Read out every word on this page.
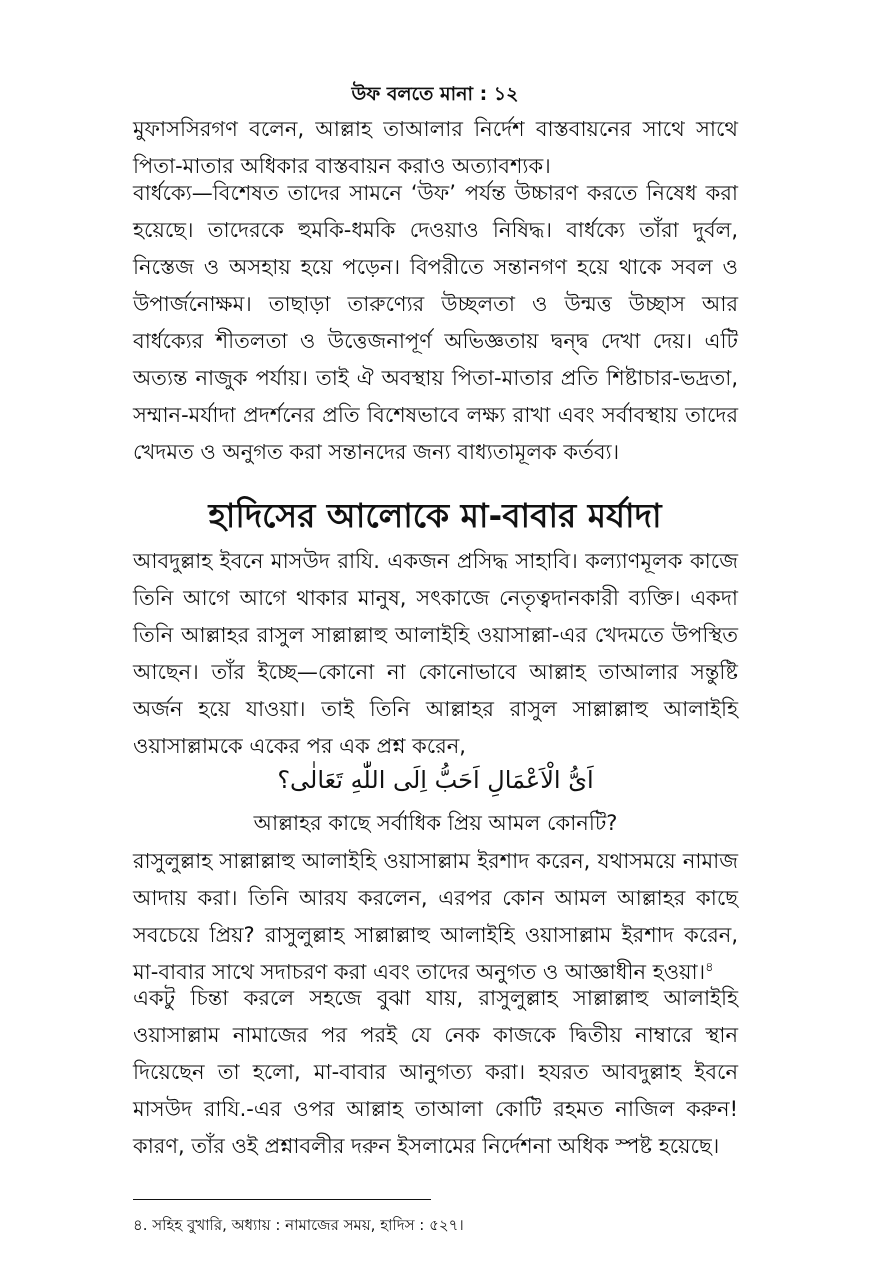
উফ বলতে মানা : ১২

মুফাসসিরগণ বলেন, আল্লাহ তাআলার নির্দেশ বাস্তবায়নের সাথে সাথে পিতা-মাতার অধিকার বাস্তবায়ন করাও অত্যাবশ্যক।

বার্ধক্যে—বিশেষত তাদের সামনে ‘উফ’ পর্যন্ত উচ্চারণ করতে নিষেধ করা হয়েছে। তাদেরকে হুমকি-ধমকি দেওয়াও নিষিদ্ধ। বার্ধক্যে তাঁরা দুর্বল, নিস্তেজ ও অসহায় হয়ে পড়েন। বিপরীতে সন্তানগণ হয়ে থাকে সবল ও উপার্জনোক্ষম। তাছাড়া তারুণ্যের উচ্ছলতা ও উন্মত্ত উচ্ছাস আর বার্ধক্যের শীতলতা ও উত্তেজনাপূর্ণ অভিজ্ঞতায় দ্বন্দ্ব দেখা দেয়। এটি অত্যন্ত নাজুক পর্যায়। তাই ঐ অবস্থায় পিতা-মাতার প্রতি শিষ্টাচার-ভদ্রতা, সম্মান-মর্যাদা প্রদর্শনের প্রতি বিশেষভাবে লক্ষ্য রাখা এবং সর্বাবস্থায় তাদের খেদমত ও অনুগত করা সন্তানদের জন্য বাধ্যতামূলক কর্তব্য।

হাদিসের আলোকে মা-বাবার মর্যাদা

আবদুল্লাহ ইবনে মাসউদ রাযি. একজন প্রসিদ্ধ সাহাবি। কল্যাণমূলক কাজে তিনি আগে আগে থাকার মানুষ, সৎকাজে নেতৃত্বদানকারী ব্যক্তি। একদা তিনি আল্লাহর রাসুল সাল্লাল্লাহু আলাইহি ওয়াসাল্লা-এর খেদমতে উপস্থিত আছেন। তাঁর ইচ্ছে—কোনো না কোনোভাবে আল্লাহ তাআলার সন্তুষ্টি অর্জন হয়ে যাওয়া। তাই তিনি আল্লাহর রাসুল সাল্লাল্লাহু আলাইহি ওয়াসাল্লামকে একের পর এক প্রশ্ন করেন,

اَىُّ الْاَعْمَالِ اَحَبُّ اِلَى اللّٰهِ تَعَالٰى؟
আল্লাহর কাছে সর্বাধিক প্রিয় আমল কোনটি?

রাসুলুল্লাহ সাল্লাল্লাহু আলাইহি ওয়াসাল্লাম ইরশাদ করেন, যথাসময়ে নামাজ আদায় করা। তিনি আরয করলেন, এরপর কোন আমল আল্লাহর কাছে সবচেয়ে প্রিয়? রাসুলুল্লাহ সাল্লাল্লাহু আলাইহি ওয়াসাল্লাম ইরশাদ করেন, মা-বাবার সাথে সদাচরণ করা এবং তাদের অনুগত ও আজ্ঞাধীন হওয়া।$^৪$

একটু চিন্তা করলে সহজে বুঝা যায়, রাসুলুল্লাহ সাল্লাল্লাহু আলাইহি ওয়াসাল্লাম নামাজের পর পরই যে নেক কাজকে দ্বিতীয় নাম্বারে স্থান দিয়েছেন তা হলো, মা-বাবার আনুগত্য করা। হযরত আবদুল্লাহ ইবনে মাসউদ রাযি.-এর ওপর আল্লাহ তাআলা কোটি রহমত নাজিল করুন! কারণ, তাঁর ওই প্রশ্নাবলীর দরুন ইসলামের নির্দেশনা অধিক স্পষ্ট হয়েছে।

৪. সহিহ বুখারি, অধ্যায় : নামাজের সময়, হাদিস : ৫২৭।
